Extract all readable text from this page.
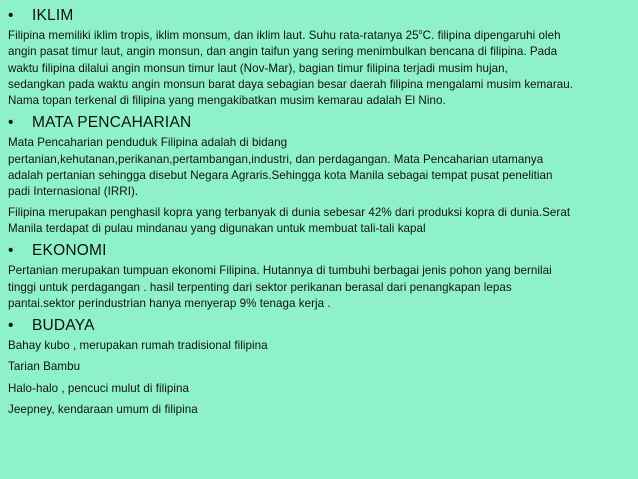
•	IKLIM
Filipina memiliki iklim tropis, iklim monsum, dan iklim laut. Suhu rata-ratanya 25$^o$C. filipina dipengaruhi oleh
angin pasat timur laut, angin monsun, dan angin taifun yang sering menimbulkan bencana di filipina. Pada
waktu filipina dilalui angin monsun timur laut (Nov-Mar), bagian timur filipina terjadi musim hujan,
sedangkan pada waktu angin monsun barat daya sebagian besar daerah filipina mengalami musim kemarau.
Nama topan terkenal di filipina yang mengakibatkan musim kemarau adalah El Nino.
•	MATA PENCAHARIAN
Mata Pencaharian penduduk Filipina adalah di bidang
pertanian,kehutanan,perikanan,pertambangan,industri, dan perdagangan. Mata Pencaharian utamanya
adalah pertanian sehingga disebut Negara Agraris.Sehingga kota Manila sebagai tempat pusat penelitian
padi Internasional (IRRI).
Filipina merupakan penghasil kopra yang terbanyak di dunia sebesar 42% dari produksi kopra di dunia.Serat
Manila terdapat di pulau mindanau yang digunakan untuk membuat tali-tali kapal
•	EKONOMI
Pertanian merupakan tumpuan ekonomi Filipina. Hutannya di tumbuhi berbagai jenis pohon yang bernilai
tinggi untuk perdagangan . hasil terpenting dari sektor perikanan berasal dari penangkapan lepas
pantai.sektor perindustrian hanya menyerap 9% tenaga kerja .
•	BUDAYA
Bahay kubo , merupakan rumah tradisional filipina
Tarian Bambu
Halo-halo , pencuci mulut di filipina
Jeepney, kendaraan umum di filipina
